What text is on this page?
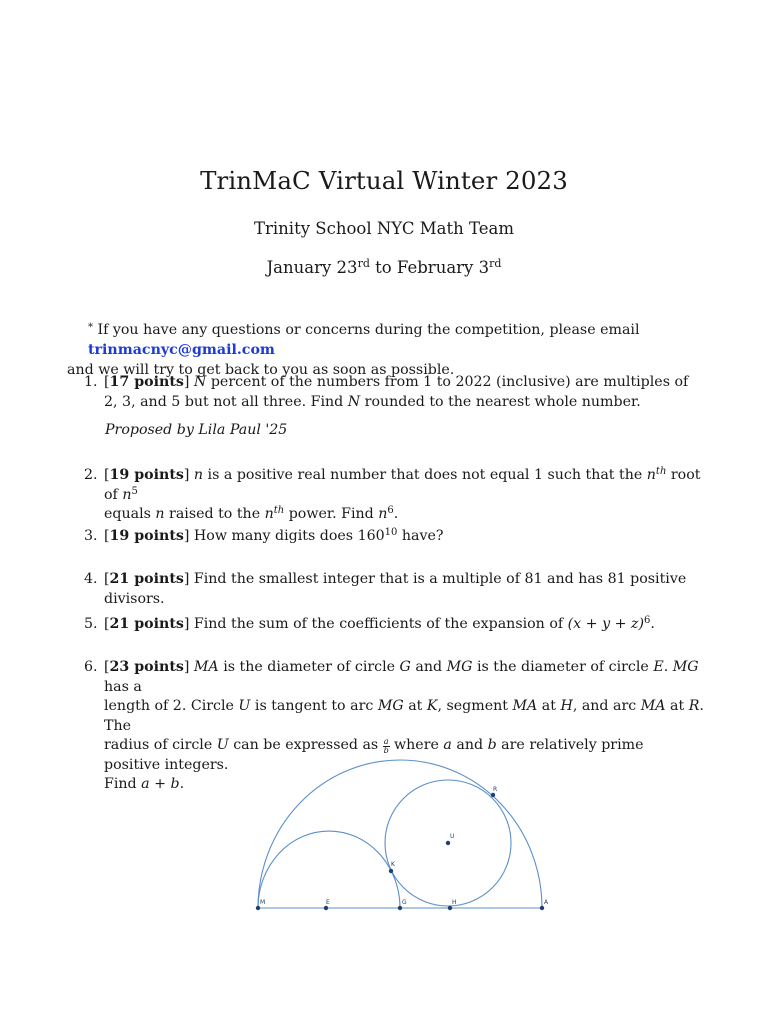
TrinMaC Virtual Winter 2023
Trinity School NYC Math Team
January 23rd to February 3rd
* If you have any questions or concerns during the competition, please email trinmacnyc@gmail.com
and we will try to get back to you as soon as possible.
1. [17 points] N percent of the numbers from 1 to 2022 (inclusive) are multiples of 2, 3, and 5 but not all three. Find N rounded to the nearest whole number.
Proposed by Lila Paul '25
2. [19 points] n is a positive real number that does not equal 1 such that the $n^{th}$ root of $n^5$
equals n raised to the $n^{th}$ power. Find $n^6$.
3. [19 points] How many digits does $160^{10}$ have?
4. [21 points] Find the smallest integer that is a multiple of 81 and has 81 positive divisors.
5. [21 points] Find the sum of the coefficients of the expansion of $(x + y + z)^6$.
6. [23 points] MA is the diameter of circle G and MG is the diameter of circle E. MG has a
length of 2. Circle U is tangent to arc MG at K, segment MA at H, and arc MA at R. The
radius of circle U can be expressed as $\frac{a}{b}$ where a and b are relatively prime positive integers.
Find a + b.
M	E	G	H	A
K
U
R
